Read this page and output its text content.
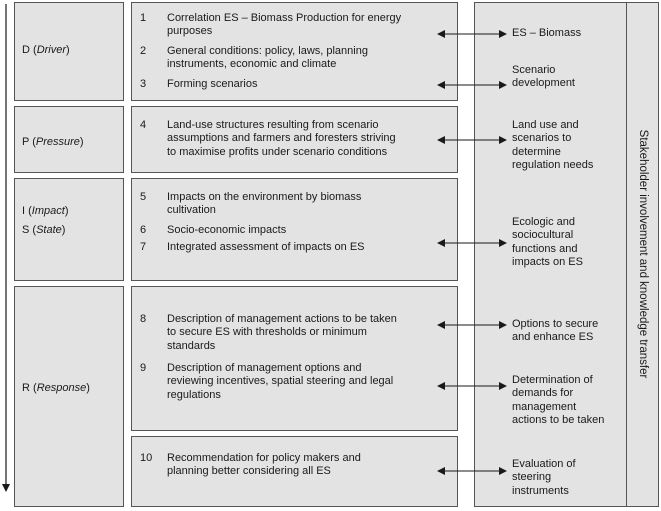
D (Driver)
P (Pressure)
I (Impact)
S (State)
R (Response)
1 Correlation ES – Biomass Production for energy
purposes
2 General conditions: policy, laws, planning
instruments, economic and climate
3 Forming scenarios
4 Land-use structures resulting from scenario
assumptions and farmers and foresters striving
to maximise profits under scenario conditions
5 Impacts on the environment by biomass
cultivation
6 Socio-economic impacts
7 Integrated assessment of impacts on ES
8 Description of management actions to be taken
to secure ES with thresholds or minimum
standards
9 Description of management options and
reviewing incentives, spatial steering and legal
regulations
10 Recommendation for policy makers and
planning better considering all ES
ES – Biomass
Scenario
development
Land use and
scenarios to
determine
regulation needs
Ecologic and
sociocultural
functions and
impacts on ES
Options to secure
and enhance ES
Determination of
demands for
management
actions to be taken
Evaluation of
steering
instruments
Stakeholder involvement and knowledge transfer
